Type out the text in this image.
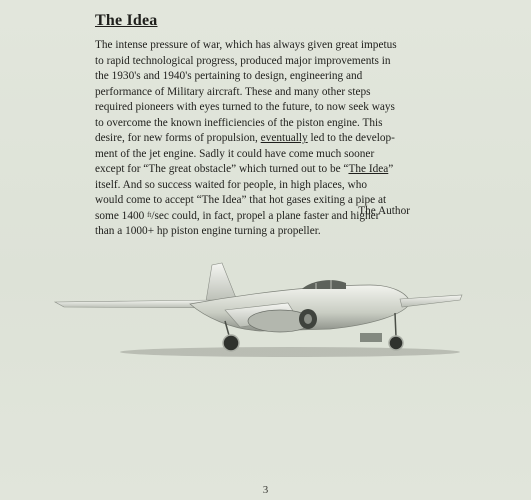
The Idea

The intense pressure of war, which has always given great impetus
to rapid technological progress, produced major improvements in
the 1930's and 1940's pertaining to design, engineering and
performance of Military aircraft. These and many other steps
required pioneers with eyes turned to the future, to now seek ways
to overcome the known inefficiencies of the piston engine. This
desire, for new forms of propulsion, eventually led to the develop-
ment of the jet engine. Sadly it could have come much sooner
except for “The great obstacle” which turned out to be “The Idea”
itself. And so success waited for people, in high places, who
would come to accept “The Idea” that hot gases exiting a pipe at
some 1400 $^{ft}$/sec could, in fact, propel a plane faster and higher
than a 1000+ hp piston engine turning a propeller.

The Author
3
